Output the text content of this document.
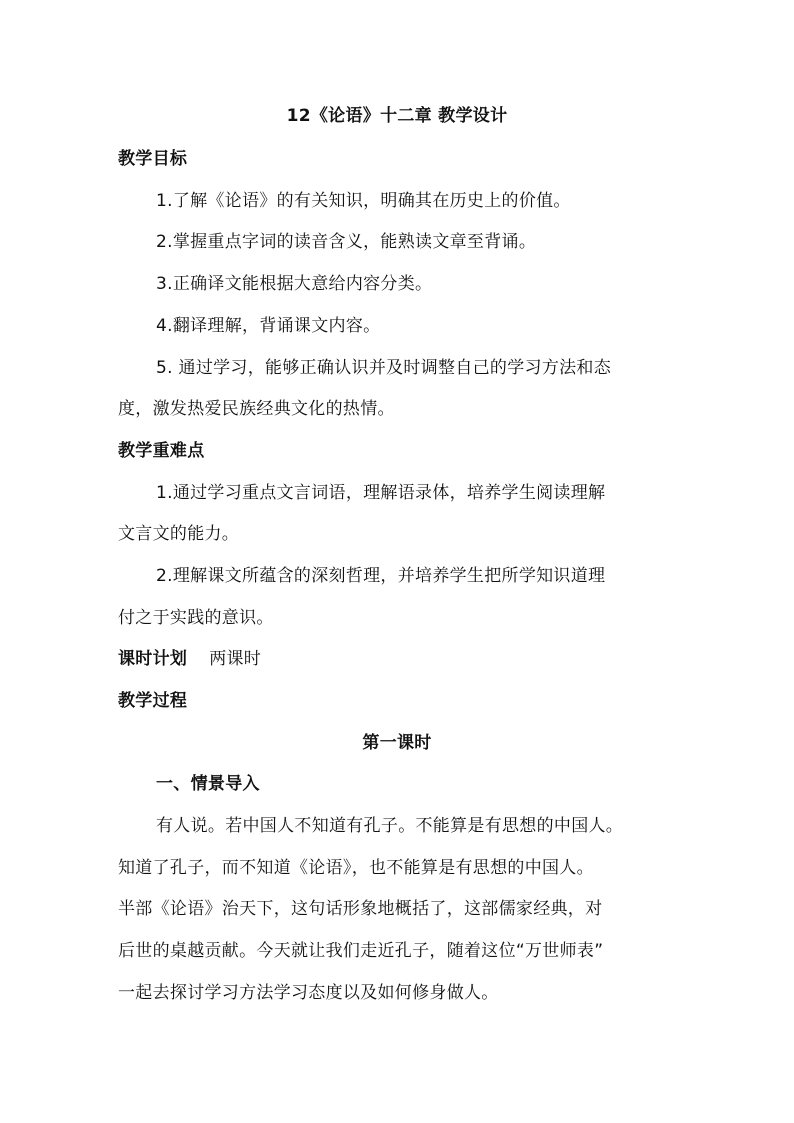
12《论语》十二章 教学设计
教学目标
1.了解《论语》的有关知识，明确其在历史上的价值。
2.掌握重点字词的读音含义，能熟读文章至背诵。
3.正确译文能根据大意给内容分类。
4.翻译理解，背诵课文内容。
5. 通过学习，能够正确认识并及时调整自己的学习方法和态
度，激发热爱民族经典文化的热情。
教学重难点
1.通过学习重点文言词语，理解语录体，培养学生阅读理解
文言文的能力。
2.理解课文所蕴含的深刻哲理，并培养学生把所学知识道理
付之于实践的意识。
课时计划 两课时
教学过程
第一课时
一、情景导入
有人说。若中国人不知道有孔子。不能算是有思想的中国人。
知道了孔子，而不知道《论语》，也不能算是有思想的中国人。
半部《论语》治天下，这句话形象地概括了，这部儒家经典，对
后世的桌越贡献。今天就让我们走近孔子，随着这位“万世师表”
一起去探讨学习方法学习态度以及如何修身做人。
